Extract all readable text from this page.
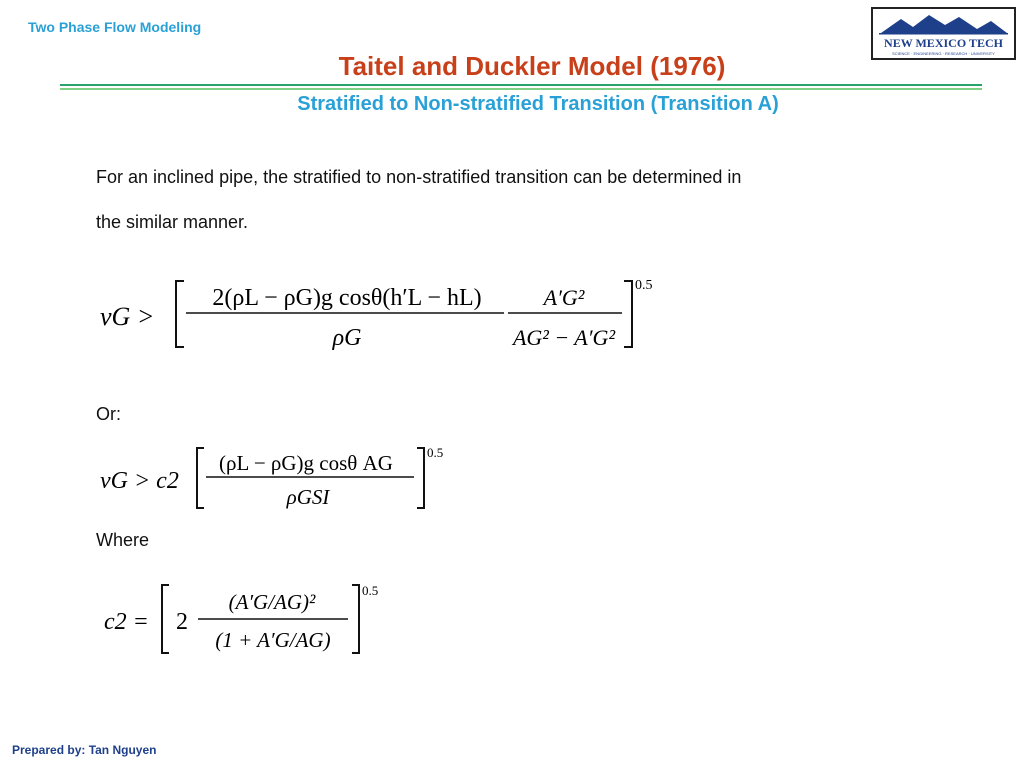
Two Phase Flow Modeling
NEW MEXICO TECH
SCIENCE · ENGINEERING · RESEARCH · UNIVERSITY
Taitel and Duckler Model (1976)
Stratified to Non-stratified Transition (Transition A)
For an inclined pipe, the stratified to non-stratified transition can be determined in
the similar manner.
νG >
2(ρL − ρG)g cosθ(h′L − hL)
ρG
A′G²
AG² − A′G²
0.5
Or:
νG > c2
(ρL − ρG)g cosθ AG
ρGSI
0.5
Where
c2 = 2
(A′G/AG)²
(1 + A′G/AG)
0.5
Prepared by: Tan Nguyen
